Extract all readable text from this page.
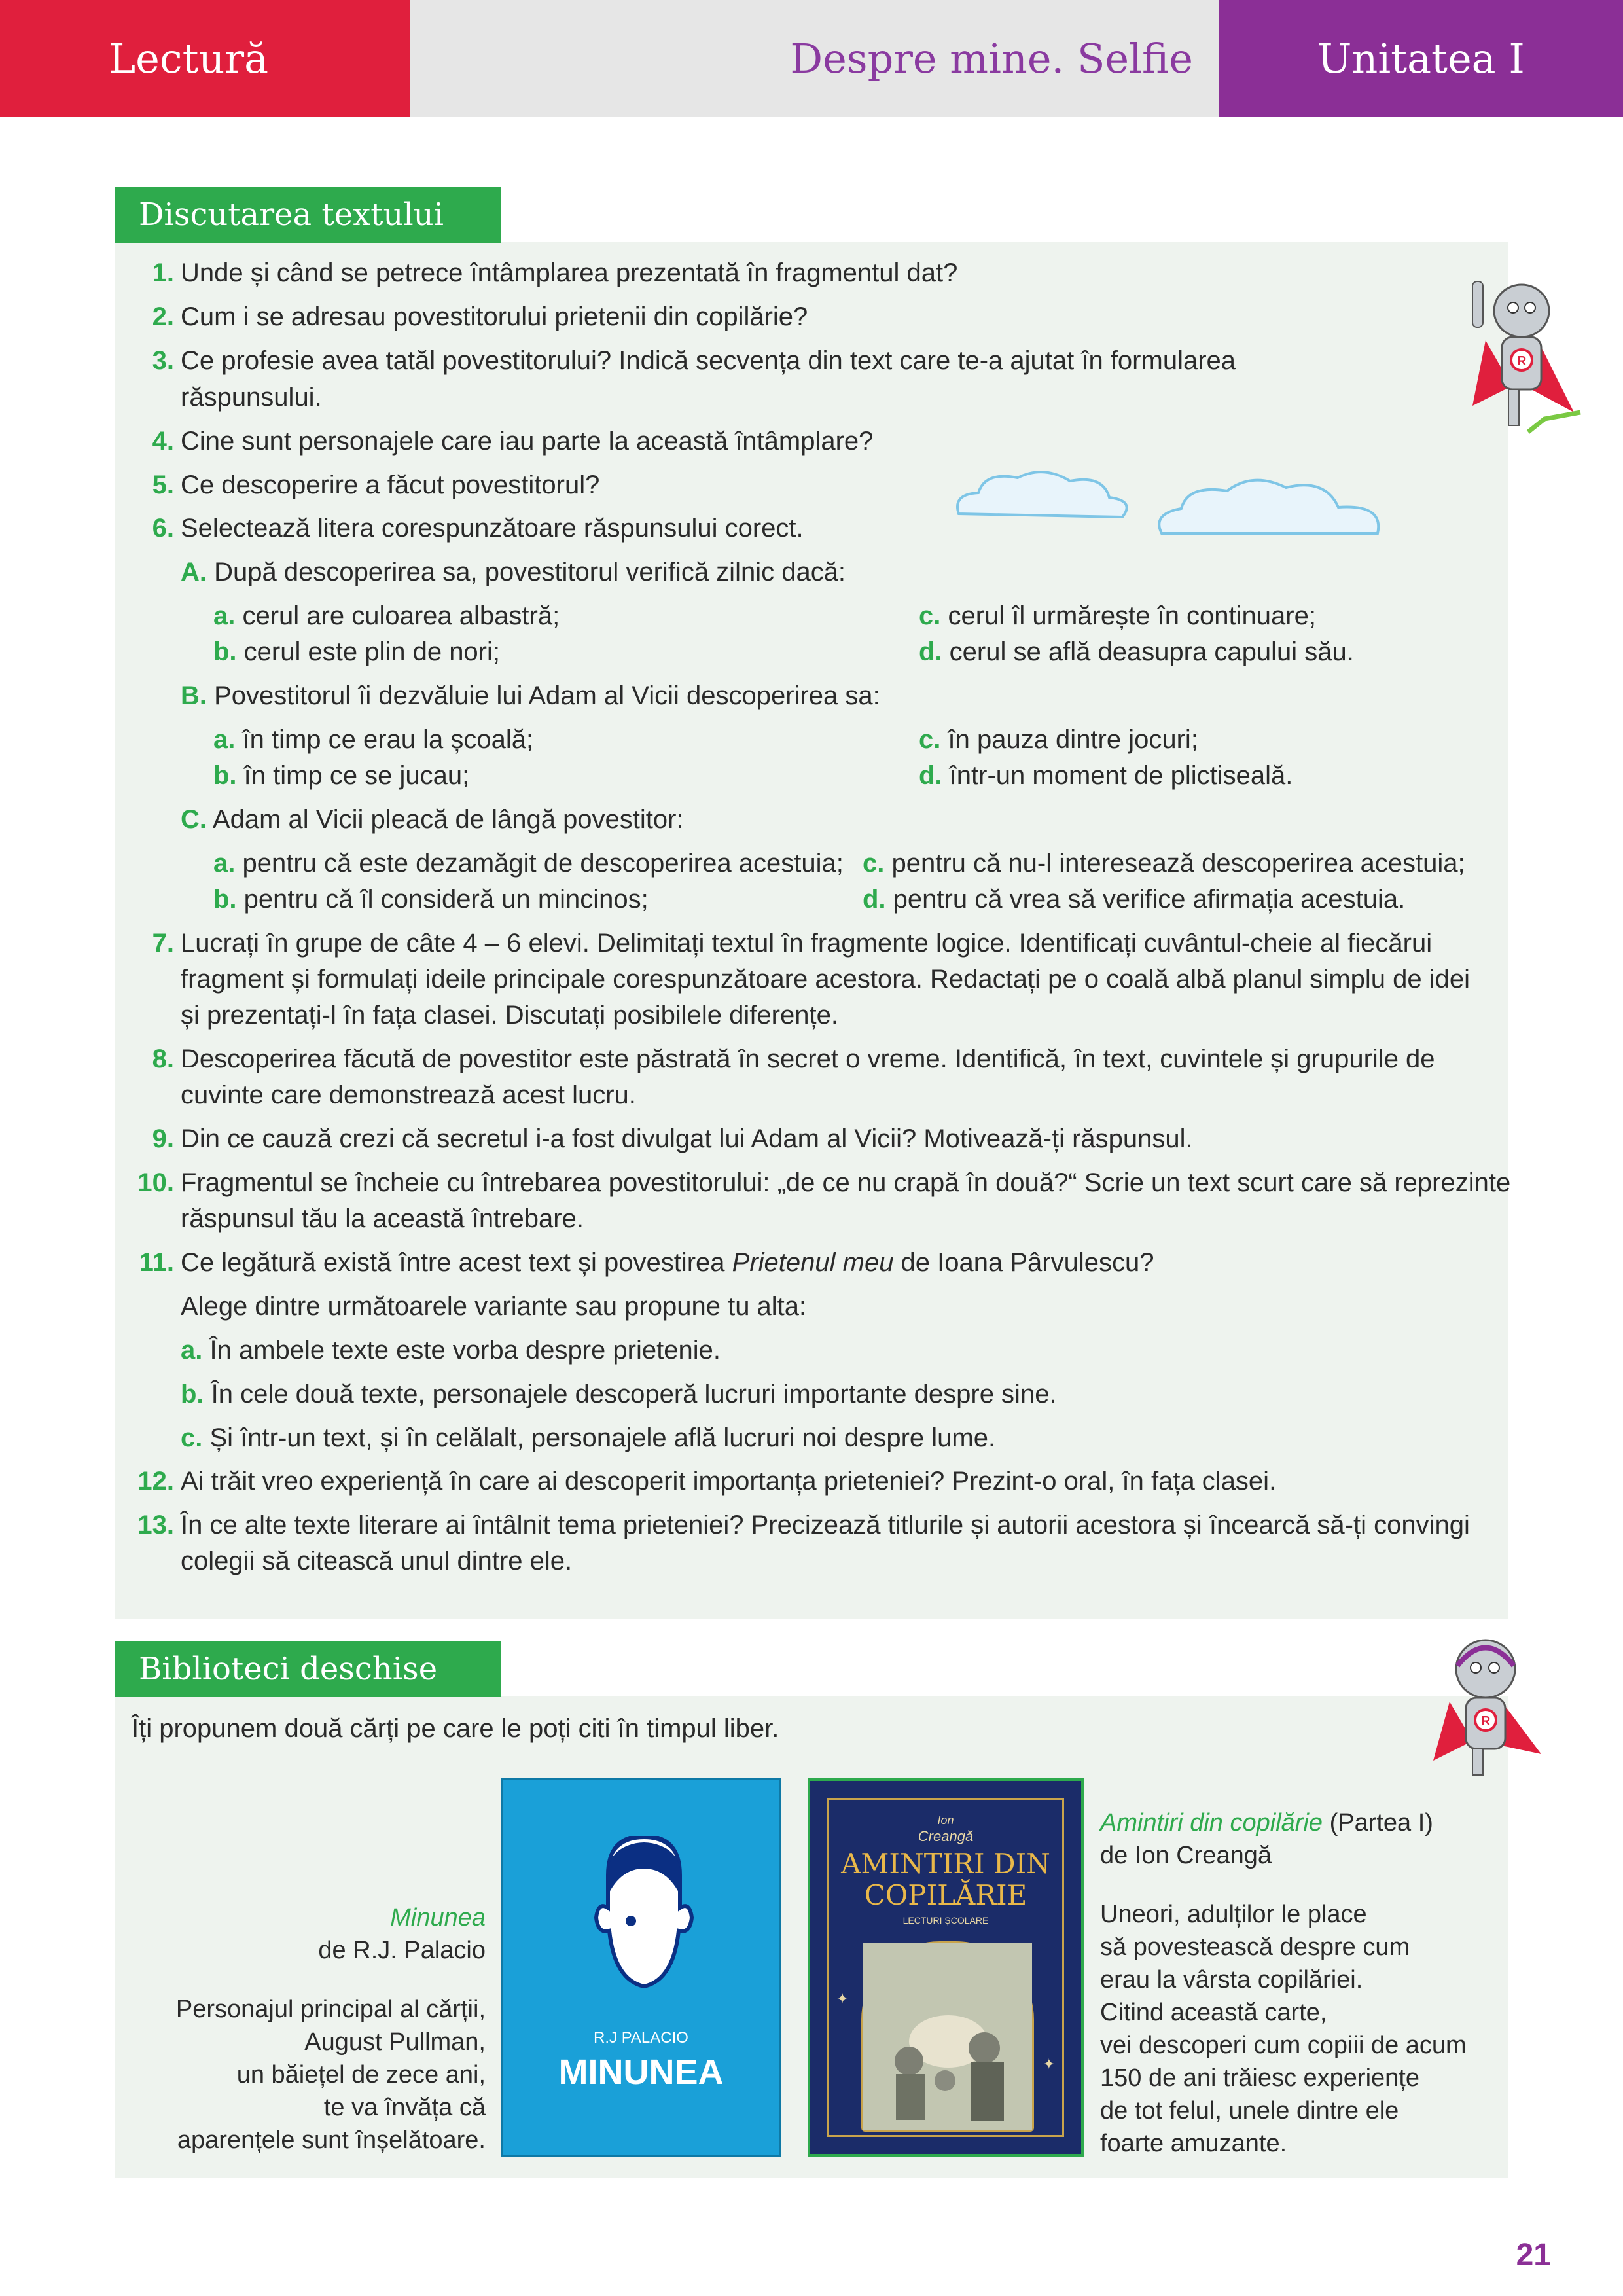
Lectură	Despre mine. Selfie	Unitatea I
Discutarea textului
R
1. Unde și când se petrece întâmplarea prezentată în fragmentul dat?
2. Cum i se adresau povestitorului prietenii din copilărie?
3. Ce profesie avea tatăl povestitorului? Indică secvența din text care te-a ajutat în formularea
răspunsului.
4. Cine sunt personajele care iau parte la această întâmplare?
5. Ce descoperire a făcut povestitorul?
6. Selectează litera corespunzătoare răspunsului corect.
A. După descoperirea sa, povestitorul verifică zilnic dacă:
a. cerul are culoarea albastră;
b. cerul este plin de nori;
c. cerul îl urmărește în continuare;
d. cerul se află deasupra capului său.
B. Povestitorul îi dezvăluie lui Adam al Vicii descoperirea sa:
a. în timp ce erau la școală;
b. în timp ce se jucau;
c. în pauza dintre jocuri;
d. într-un moment de plictiseală.
C. Adam al Vicii pleacă de lângă povestitor:
a. pentru că este dezamăgit de descoperirea acestuia;
b. pentru că îl consideră un mincinos;
c. pentru că nu-l interesează descoperirea acestuia;
d. pentru că vrea să verifice afirmația acestuia.
7. Lucrați în grupe de câte 4 – 6 elevi. Delimitați textul în fragmente logice. Identificați cuvântul-cheie al fiecărui
fragment și formulați ideile principale corespunzătoare acestora. Redactați pe o coală albă planul simplu de idei
și prezentați-l în fața clasei. Discutați posibilele diferențe.
8. Descoperirea făcută de povestitor este păstrată în secret o vreme. Identifică, în text, cuvintele și grupurile de
cuvinte care demonstrează acest lucru.
9. Din ce cauză crezi că secretul i-a fost divulgat lui Adam al Vicii? Motivează-ți răspunsul.
10. Fragmentul se încheie cu întrebarea povestitorului: „de ce nu crapă în două?“ Scrie un text scurt care să reprezinte
răspunsul tău la această întrebare.
11. Ce legătură există între acest text și povestirea Prietenul meu de Ioana Pârvulescu?
Alege dintre următoarele variante sau propune tu alta:
a. În ambele texte este vorba despre prietenie.
b. În cele două texte, personajele descoperă lucruri importante despre sine.
c. Și într-un text, și în celălalt, personajele află lucruri noi despre lume.
12. Ai trăit vreo experiență în care ai descoperit importanța prieteniei? Prezint-o oral, în fața clasei.
13. În ce alte texte literare ai întâlnit tema prieteniei? Precizează titlurile și autorii acestora și încearcă să-ți convingi
colegii să citească unul dintre ele.
Biblioteci deschise
R
Îți propunem două cărți pe care le poți citi în timpul liber.
Minunea
de R.J. Palacio
Personajul principal al cărții,
August Pullman,
un băiețel de zece ani,
te va învăța că
aparențele sunt înșelătoare.
R.J PALACIO
MINUNEA
Ion
Creangă
AMINTIRI DIN
COPILĂRIE
LECTURI ȘCOLARE
✦
✦
Amintiri din copilărie (Partea I)
de Ion Creangă
Uneori, adulților le place
să povestească despre cum
erau la vârsta copilăriei.
Citind această carte,
vei descoperi cum copiii de acum
150 de ani trăiesc experiențe
de tot felul, unele dintre ele
foarte amuzante.
21
